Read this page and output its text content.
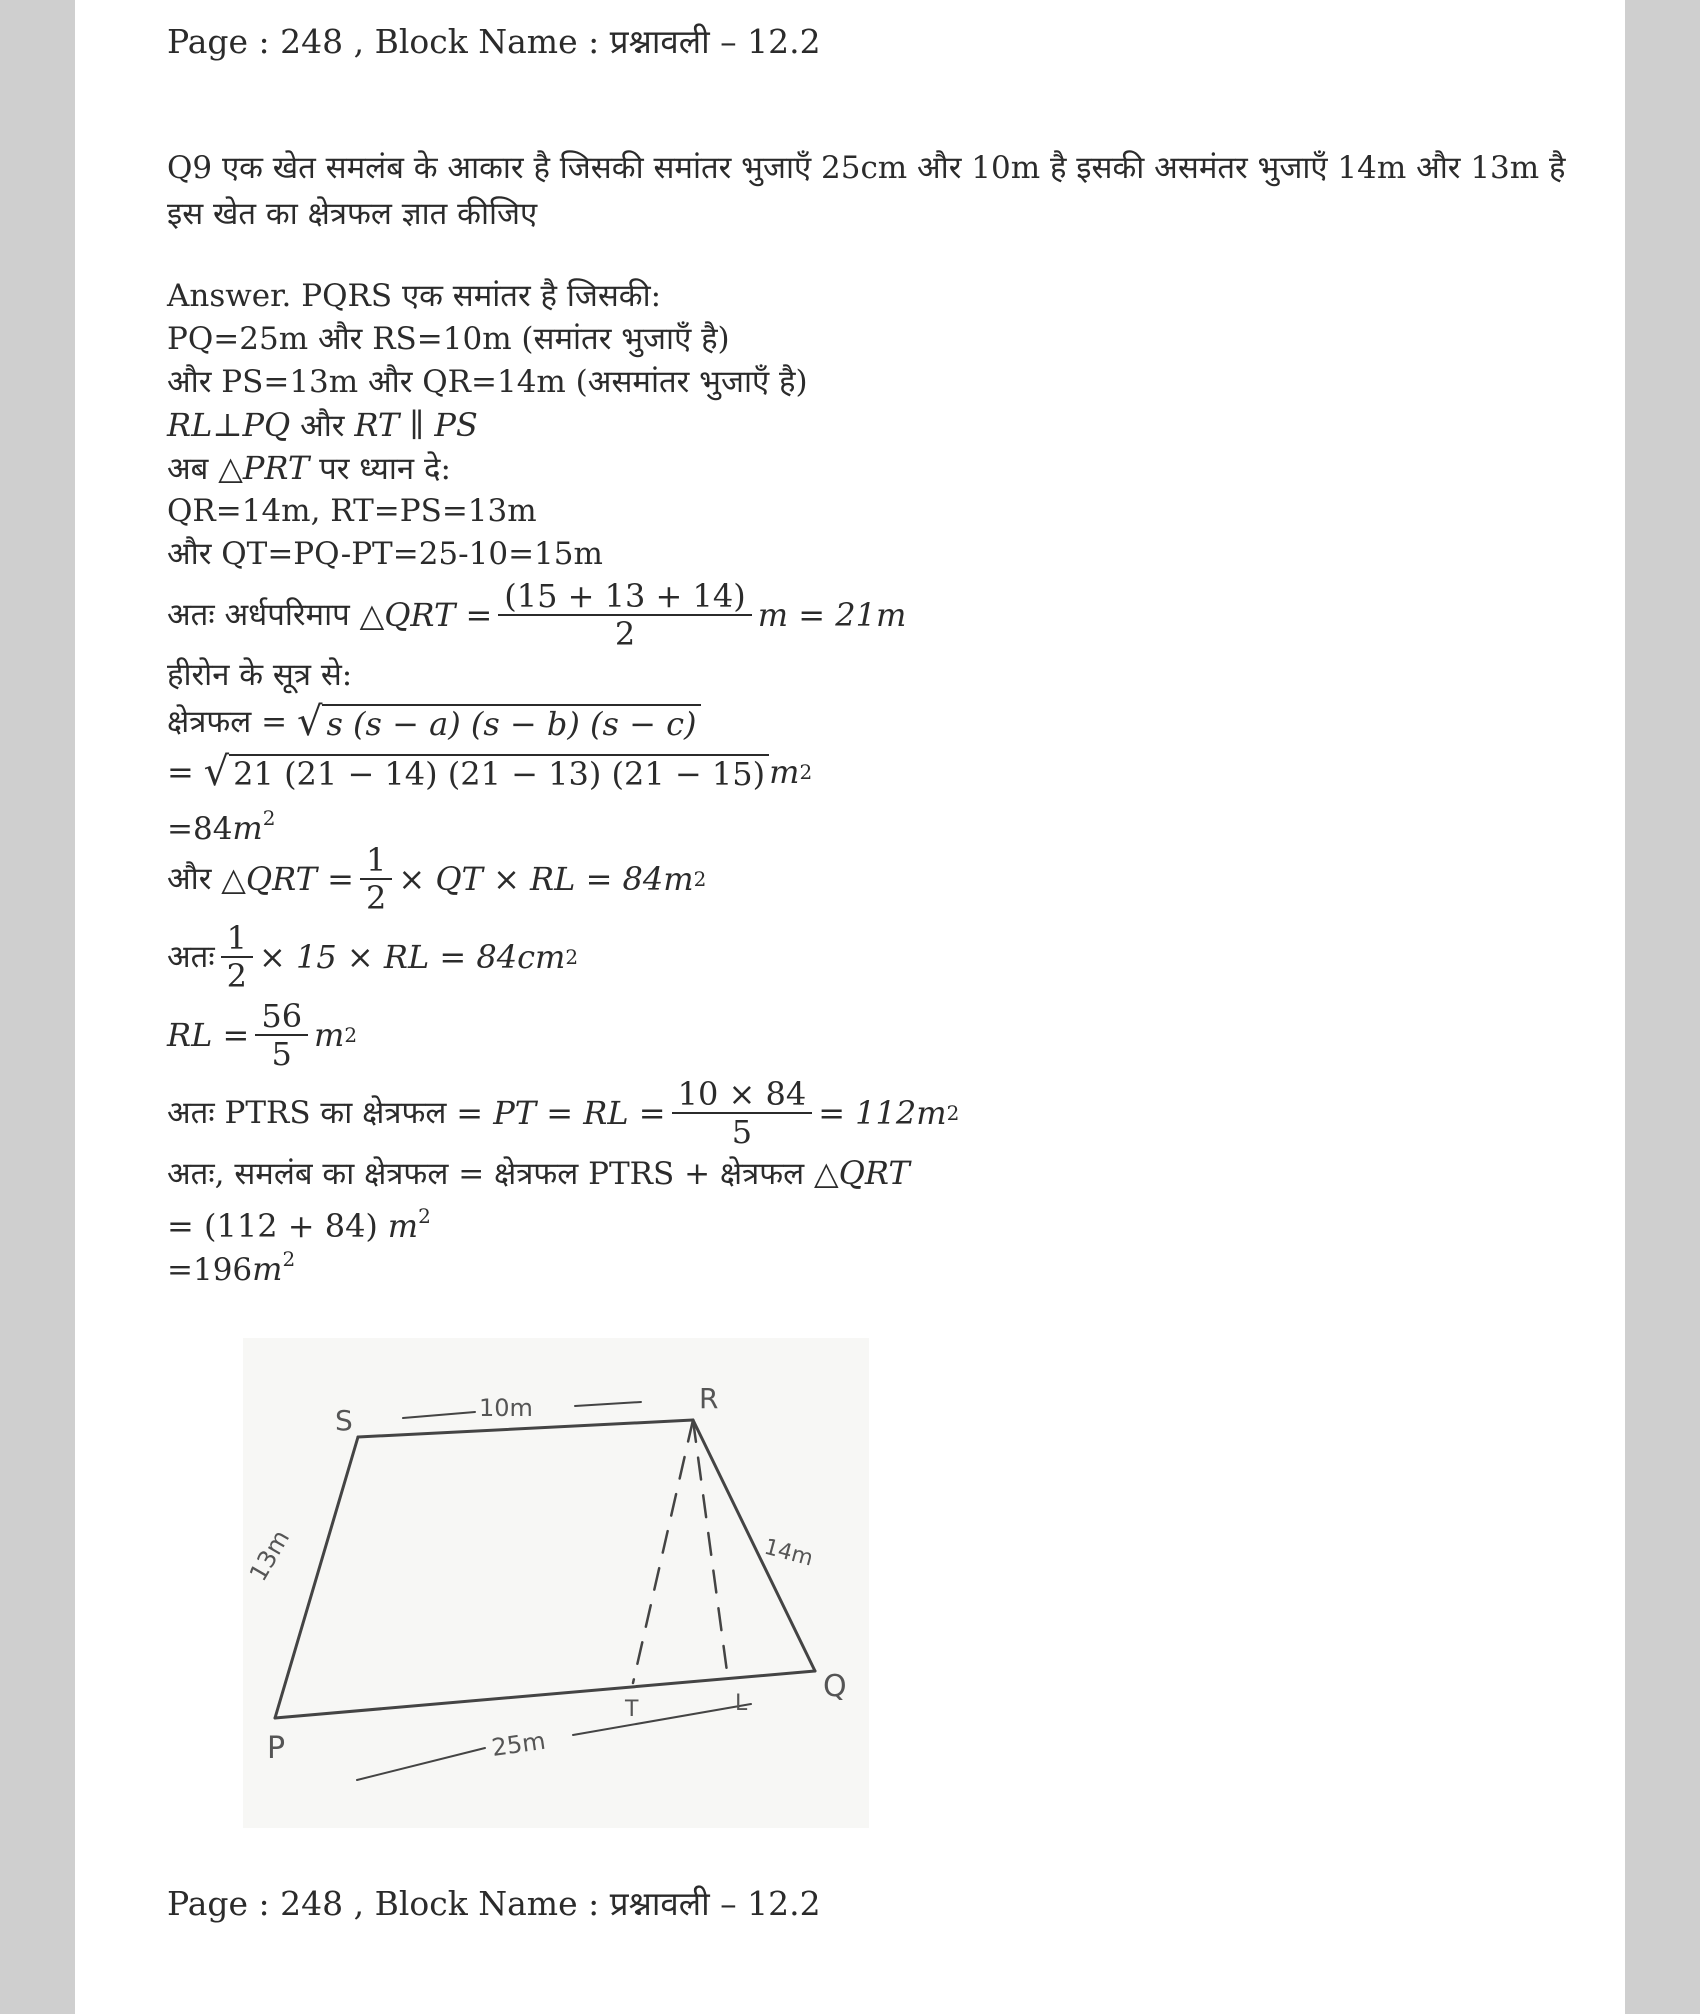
Page : 248 , Block Name : प्रश्नावली – 12.2
Q9 एक खेत समलंब के आकार है जिसकी समांतर भुजाएँ 25cm और 10m है इसकी असमंतर भुजाएँ 14m और 13m है इस खेत का क्षेत्रफल ज्ञात कीजिए
Answer. PQRS एक समांतर है जिसकी:
PQ=25m और RS=10m (समांतर भुजाएँ है)
और PS=13m और QR=14m (असमांतर भुजाएँ है)
RL⊥PQ और RT ∥ PS
अब △PRT पर ध्यान दे:
QR=14m, RT=PS=13m
और QT=PQ-PT=25-10=15m
अतः अर्धपरिमाप
△QRT = $\frac{(15 + 13 + 14)}{2}$ m = 21m
हीरोन के सूत्र से:
क्षेत्रफल =
√ s (s − a) (s − b) (s − c)
=
√ 21 (21 − 14) (21 − 13) (21 − 15) m 2
$=84m^2$
और
△QRT = $\frac{1}{2}$ × QT × RL = 84m 2
अतः $\frac{1}{2} \times 15$ × RL = 84cm 2
RL = $\frac{56}{5}$ m 2
अतः PTRS का क्षेत्रफल
= PT = RL = $\frac{10 \times 84}{5} = 112m$ 2
अतः, समलंब का क्षेत्रफल = क्षेत्रफल PTRS + क्षेत्रफल △QRT
= (112 + 84) $m^2$
$=196m^2$
S
R
P
Q
T	L
10m
13m	14m
25m
Page : 248 , Block Name : प्रश्नावली – 12.2
